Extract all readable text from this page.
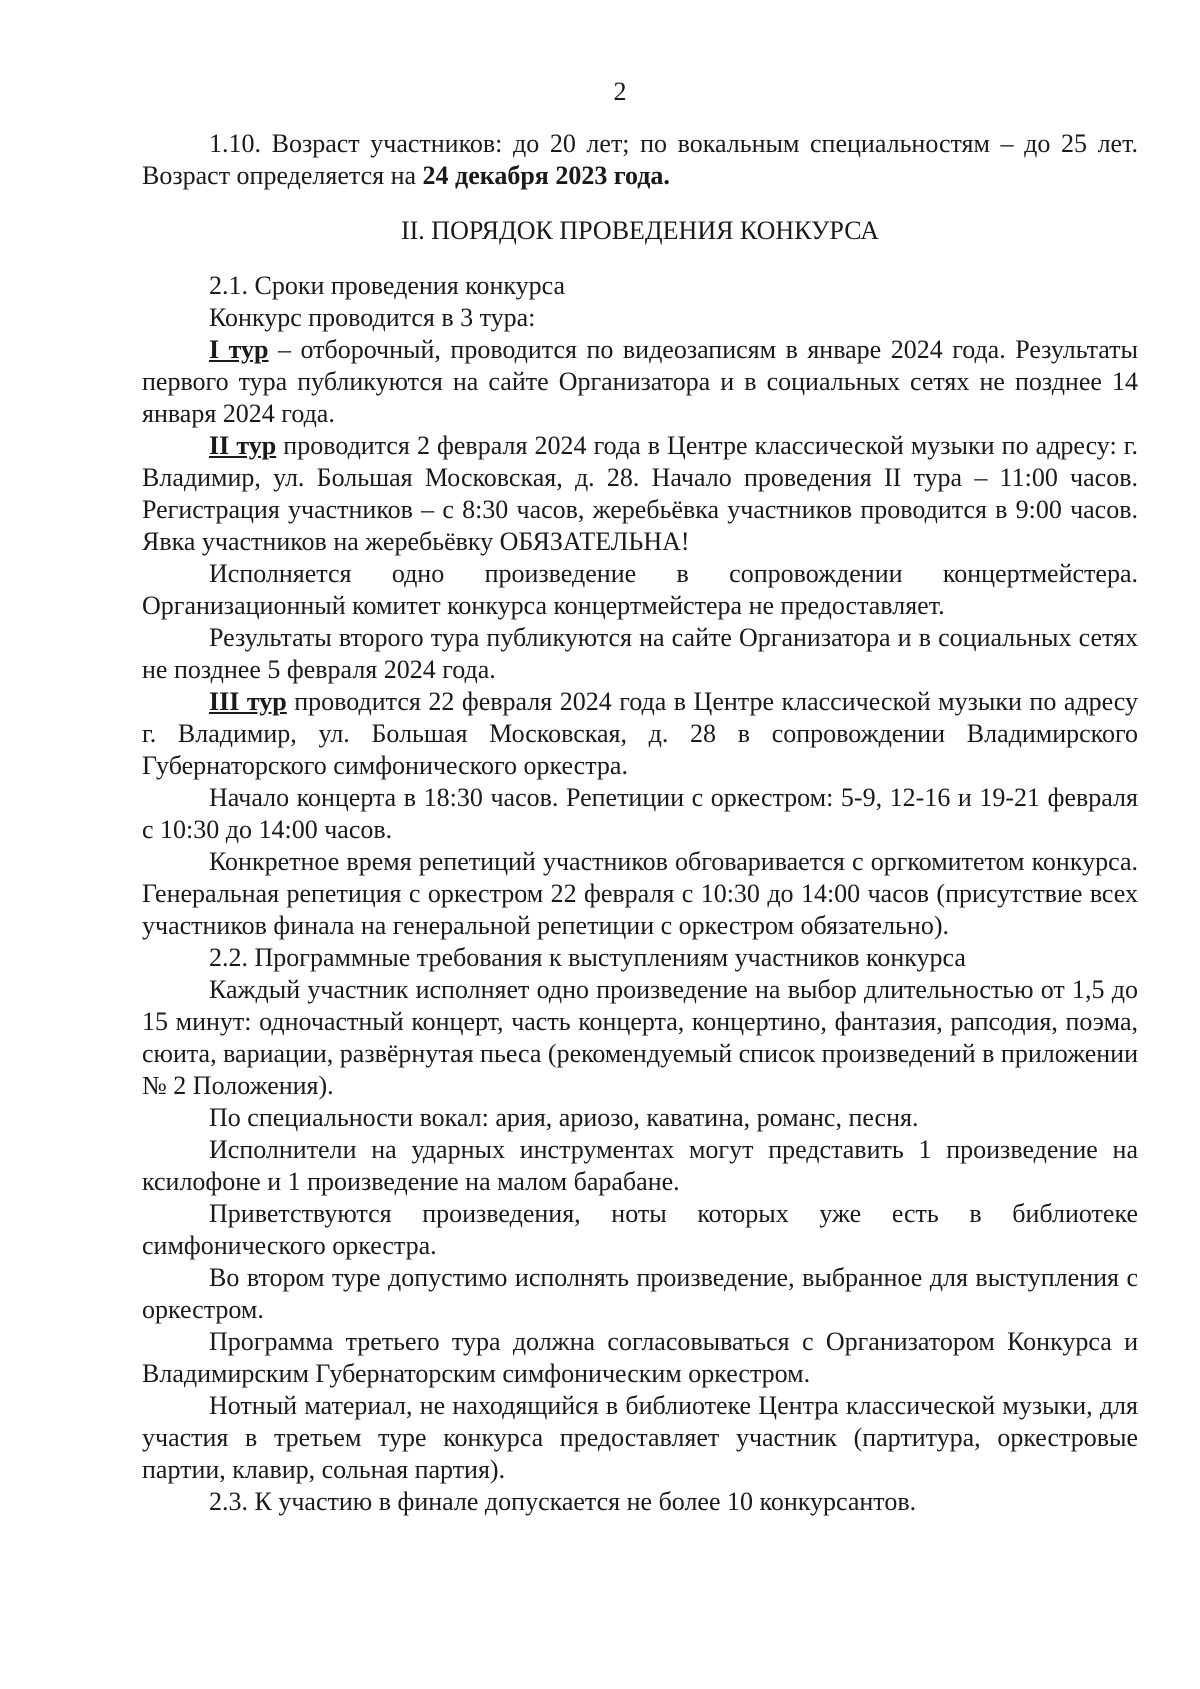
2

1.10. Возраст участников: до 20 лет; по вокальным специальностям – до 25 лет. Возраст определяется на 24 декабря 2023 года.

II. ПОРЯДОК ПРОВЕДЕНИЯ КОНКУРСА

2.1. Сроки проведения конкурса

Конкурс проводится в 3 тура:

I тур – отборочный, проводится по видеозаписям в январе 2024 года. Результаты первого тура публикуются на сайте Организатора и в социальных сетях не позднее 14 января 2024 года.

II тур проводится 2 февраля 2024 года в Центре классической музыки по адресу: г. Владимир, ул. Большая Московская, д. 28. Начало проведения II тура – 11:00 часов. Регистрация участников – с 8:30 часов, жеребьёвка участников проводится в 9:00 часов. Явка участников на жеребьёвку ОБЯЗАТЕЛЬНА!

Исполняется одно произведение в сопровождении концертмейстера. Организационный комитет конкурса концертмейстера не предоставляет.

Результаты второго тура публикуются на сайте Организатора и в социальных сетях не позднее 5 февраля 2024 года.

III тур проводится 22 февраля 2024 года в Центре классической музыки по адресу г. Владимир, ул. Большая Московская, д. 28 в сопровождении Владимирского Губернаторского симфонического оркестра.

Начало концерта в 18:30 часов. Репетиции с оркестром: 5-9, 12-16 и 19-21 февраля с 10:30 до 14:00 часов.

Конкретное время репетиций участников обговаривается с оргкомитетом конкурса. Генеральная репетиция с оркестром 22 февраля с 10:30 до 14:00 часов (присутствие всех участников финала на генеральной репетиции с оркестром обязательно).

2.2. Программные требования к выступлениям участников конкурса

Каждый участник исполняет одно произведение на выбор длительностью от 1,5 до 15 минут: одночастный концерт, часть концерта, концертино, фантазия, рапсодия, поэма, сюита, вариации, развёрнутая пьеса (рекомендуемый список произведений в приложении № 2 Положения).

По специальности вокал: ария, ариозо, каватина, романс, песня.

Исполнители на ударных инструментах могут представить 1 произведение на ксилофоне и 1 произведение на малом барабане.

Приветствуются произведения, ноты которых уже есть в библиотеке симфонического оркестра.

Во втором туре допустимо исполнять произведение, выбранное для выступления с оркестром.

Программа третьего тура должна согласовываться с Организатором Конкурса и Владимирским Губернаторским симфоническим оркестром.

Нотный материал, не находящийся в библиотеке Центра классической музыки, для участия в третьем туре конкурса предоставляет участник (партитура, оркестровые партии, клавир, сольная партия).

2.3. К участию в финале допускается не более 10 конкурсантов.
